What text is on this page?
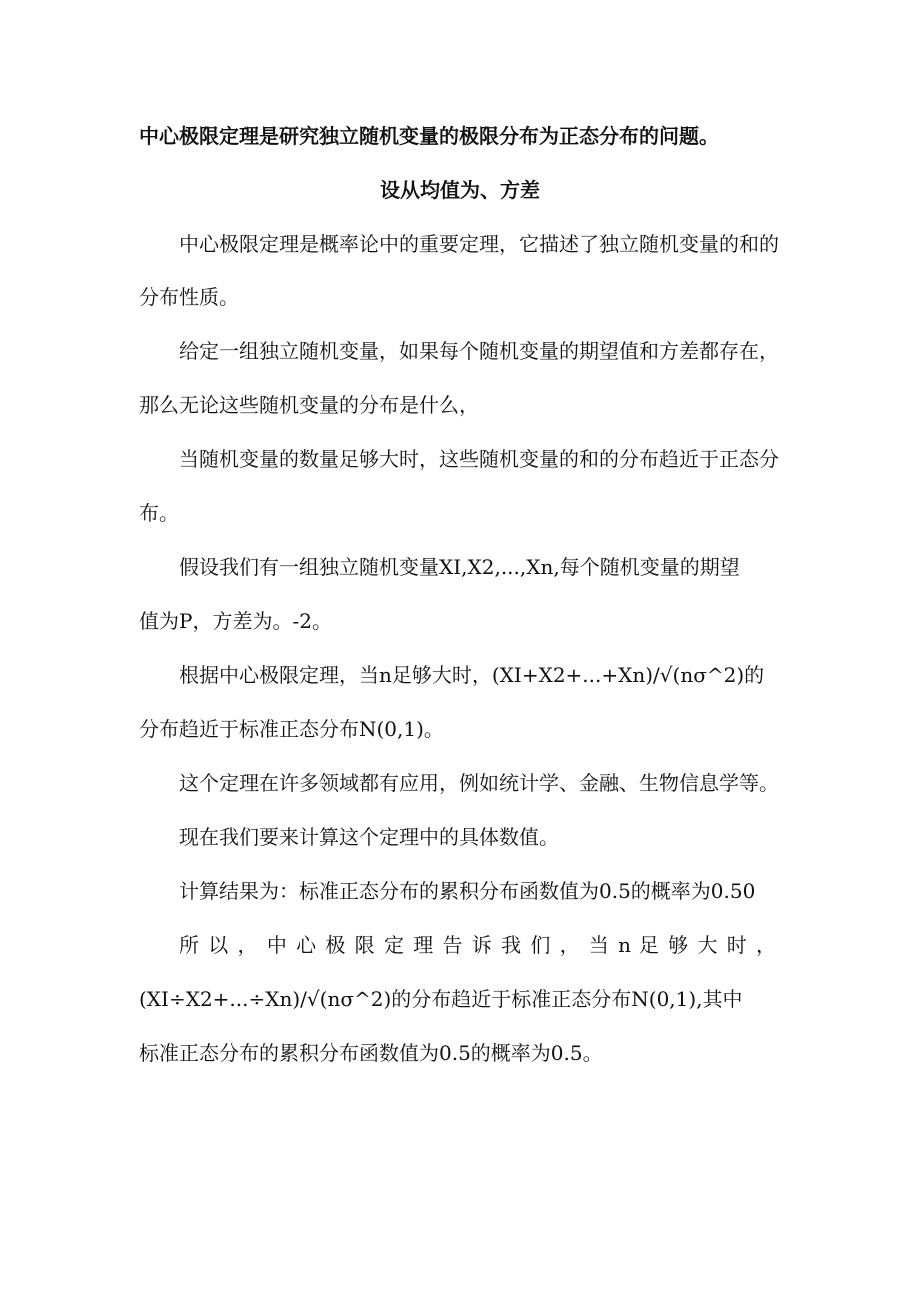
中心极限定理是研究独立随机变量的极限分布为正态分布的问题。
设从均值为、方差
中心极限定理是概率论中的重要定理，它描述了独立随机变量的和的
分布性质。
给定一组独立随机变量，如果每个随机变量的期望值和方差都存在，
那么无论这些随机变量的分布是什么，
当随机变量的数量足够大时，这些随机变量的和的分布趋近于正态分
布。
假设我们有一组独立随机变量XI,X2,...,Xn,每个随机变量的期望
值为P，方差为。-2。
根据中心极限定理，当n足够大时，(XI+X2+...+Xn)/√(nσ^2)的
分布趋近于标准正态分布N(0,1)。
这个定理在许多领域都有应用，例如统计学、金融、生物信息学等。
现在我们要来计算这个定理中的具体数值。
计算结果为：标准正态分布的累积分布函数值为0.5的概率为0.50
所 以 ， 中 心 极 限 定 理 告 诉 我 们 ， 当 n 足 够 大 时 ，
(XI÷X2+...÷Xn)/√(nσ^2)的分布趋近于标准正态分布N(0,1),其中
标准正态分布的累积分布函数值为0.5的概率为0.5。
